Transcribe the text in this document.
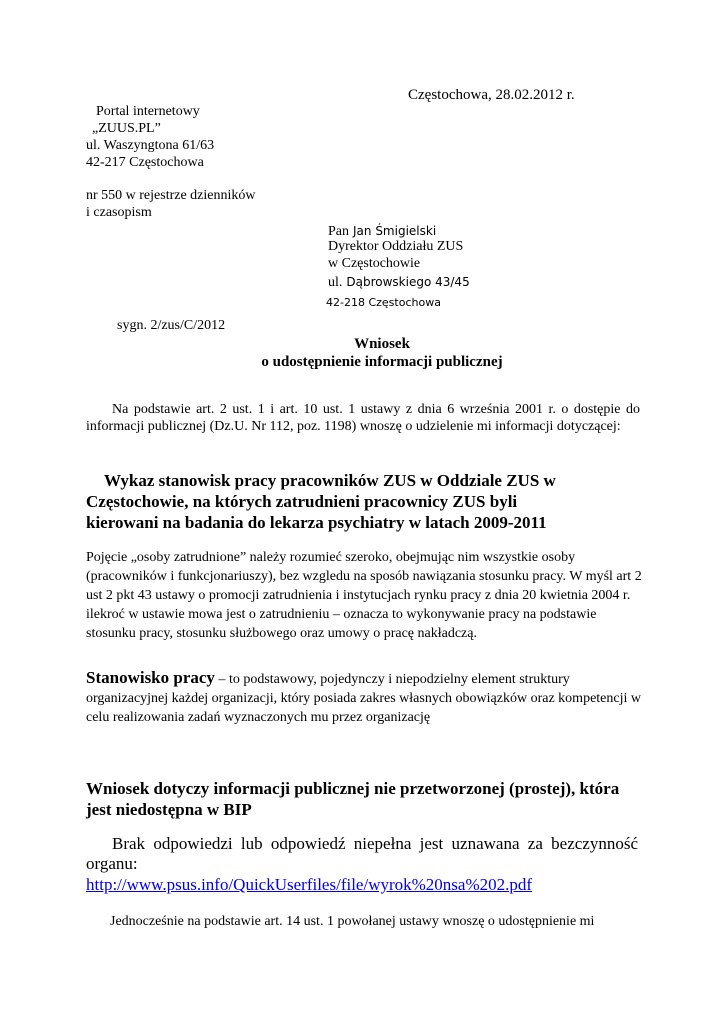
Częstochowa, 28.02.2012 r.
Portal internetowy
„ZUUS.PL”
ul. Waszyngtona 61/63
42-217 Częstochowa
nr 550 w rejestrze dzienników
i czasopism
Pan Jan Śmigielski
Dyrektor Oddziału ZUS
w Częstochowie
ul. Dąbrowskiego 43/45
42-218 Częstochowa
sygn. 2/zus/C/2012
Wniosek
o udostępnienie informacji publicznej
Na podstawie art. 2 ust. 1 i art. 10 ust. 1 ustawy z dnia 6 września 2001 r. o dostępie do informacji publicznej (Dz.U. Nr 112, poz. 1198) wnoszę o udzielenie mi informacji dotyczącej:
Wykaz stanowisk pracy pracowników ZUS w Oddziale ZUS w Częstochowie, na których zatrudnieni pracownicy ZUS byli kierowani na badania do lekarza psychiatry w latach 2009-2011
Pojęcie „osoby zatrudnione” należy rozumieć szeroko, obejmując nim wszystkie osoby (pracowników i funkcjonariuszy), bez wzgledu na sposób nawiązania stosunku pracy. W myśl art 2 ust 2 pkt 43 ustawy o promocji zatrudnienia i instytucjach rynku pracy z dnia 20 kwietnia 2004 r. ilekroć w ustawie mowa jest o zatrudnieniu – oznacza to wykonywanie pracy na podstawie stosunku pracy, stosunku służbowego oraz umowy o pracę nakładczą.
Stanowisko pracy – to podstawowy, pojedynczy i niepodzielny element struktury organizacyjnej każdej organizacji, który posiada zakres własnych obowiązków oraz kompetencji w celu realizowania zadań wyznaczonych mu przez organizację
Wniosek dotyczy informacji publicznej nie przetworzonej (prostej), która jest niedostępna w BIP
Brak odpowiedzi lub odpowiedź niepełna jest uznawana za bezczynność organu:
http://www.psus.info/QuickUserfiles/file/wyrok%20nsa%202.pdf
Jednocześnie na podstawie art. 14 ust. 1 powołanej ustawy wnoszę o udostępnienie mi
